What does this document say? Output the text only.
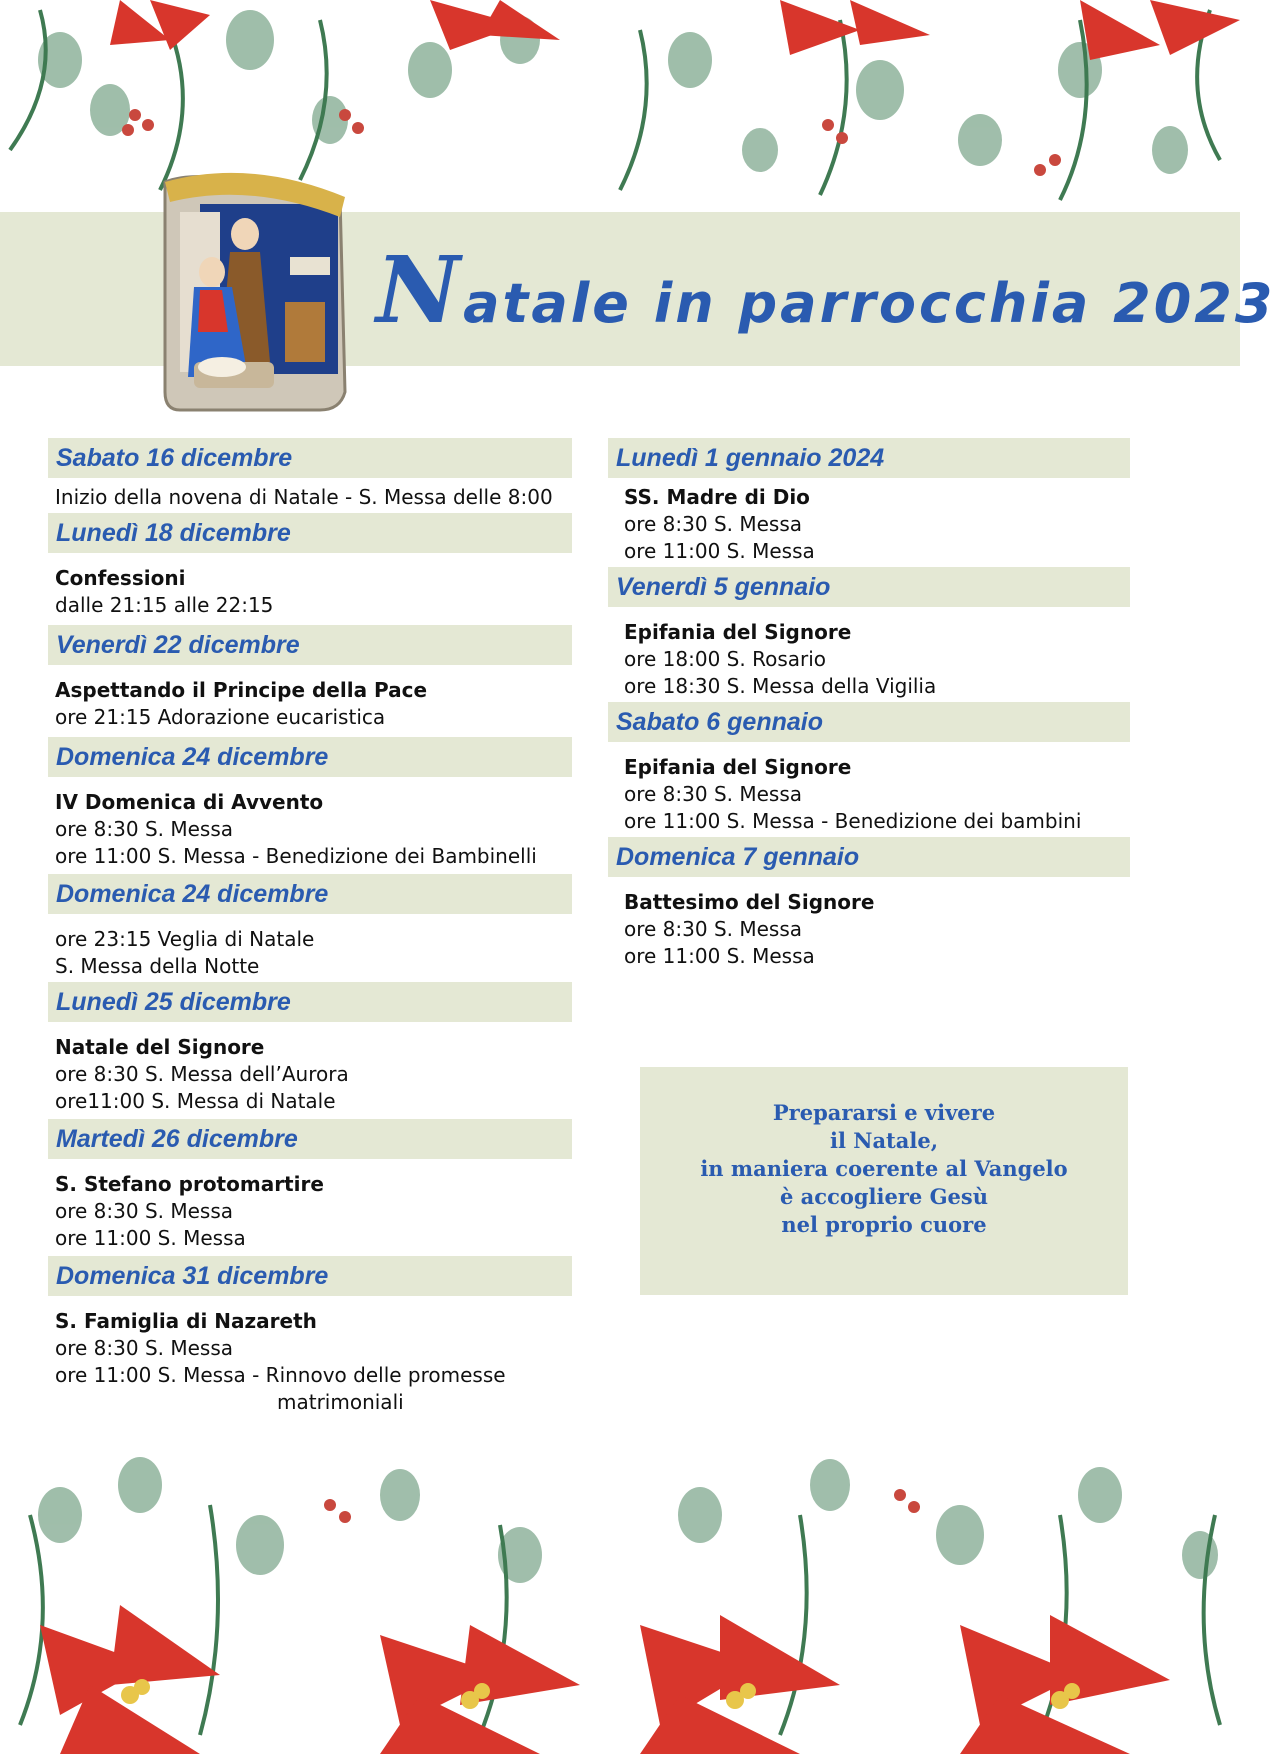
Natale in parrocchia 2023
Sabato 16 dicembre
Inizio della novena di Natale - S. Messa delle 8:00
Lunedì 18 dicembre
Confessioni
dalle 21:15 alle 22:15
Venerdì 22 dicembre
Aspettando il Principe della Pace
ore 21:15 Adorazione eucaristica
Domenica 24 dicembre
IV Domenica di Avvento
ore 8:30 S. Messa
ore 11:00 S. Messa - Benedizione dei Bambinelli
Domenica 24 dicembre
ore 23:15 Veglia di Natale
S. Messa della Notte
Lunedì 25 dicembre
Natale del Signore
ore 8:30 S. Messa dell’Aurora
ore11:00 S. Messa di Natale
Martedì 26 dicembre
S. Stefano protomartire
ore 8:30 S. Messa
ore 11:00 S. Messa
Domenica 31 dicembre
S. Famiglia di Nazareth
ore 8:30 S. Messa
ore 11:00 S. Messa - Rinnovo delle promesse
matrimoniali
Lunedì 1 gennaio 2024
SS. Madre di Dio
ore 8:30 S. Messa
ore 11:00 S. Messa
Venerdì 5 gennaio
Epifania del Signore
ore 18:00 S. Rosario
ore 18:30 S. Messa della Vigilia
Sabato 6 gennaio
Epifania del Signore
ore 8:30 S. Messa
ore 11:00 S. Messa - Benedizione dei bambini
Domenica 7 gennaio
Battesimo del Signore
ore 8:30 S. Messa
ore 11:00 S. Messa
Prepararsi e vivere
il Natale,
in maniera coerente al Vangelo
è accogliere Gesù
nel proprio cuore
